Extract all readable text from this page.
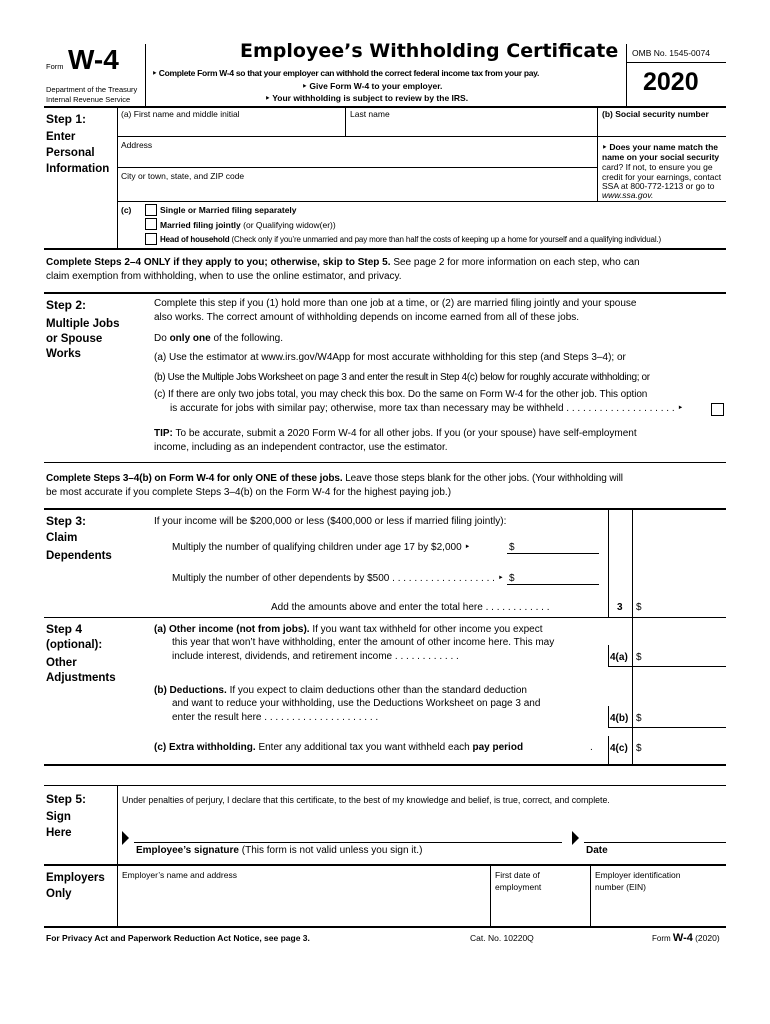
Form W-4
Department of the Treasury
Internal Revenue Service
Employee’s Withholding Certificate
‣ Complete Form W-4 so that your employer can withhold the correct federal income tax from your pay.
‣ Give Form W-4 to your employer.
‣ Your withholding is subject to review by the IRS.
OMB No. 1545-0074
2020
Step 1:
Enter
Personal
Information
(a) First name and middle initial	Last name	(b) Social security number
Address	‣ Does your name match the
name on your social security
card? If not, to ensure you ge
credit for your earnings, contact
SSA at 800-772-1213 or go to
www.ssa.gov.
City or town, state, and ZIP code
(c)	Single or Married filing separately
Married filing jointly (or Qualifying widow(er))
Head of household (Check only if you’re unmarried and pay more than half the costs of keeping up a home for yourself and a qualifying individual.)
Complete Steps 2–4 ONLY if they apply to you; otherwise, skip to Step 5. See page 2 for more information on each step, who can
claim exemption from withholding, when to use the online estimator, and privacy.
Step 2:
Multiple Jobs
or Spouse
Works
Complete this step if you (1) hold more than one job at a time, or (2) are married filing jointly and your spouse
also works. The correct amount of withholding depends on income earned from all of these jobs.
Do only one of the following.
(a) Use the estimator at www.irs.gov/W4App for most accurate withholding for this step (and Steps 3–4); or
(b) Use the Multiple Jobs Worksheet on page 3 and enter the result in Step 4(c) below for roughly accurate withholding; or
(c) If there are only two jobs total, you may check this box. Do the same on Form W-4 for the other job. This option
is accurate for jobs with similar pay; otherwise, more tax than necessary may be withheld . . . . . . . . . . . . . . . . . . . . ‣
TIP: To be accurate, submit a 2020 Form W-4 for all other jobs. If you (or your spouse) have self-employment
income, including as an independent contractor, use the estimator.
Complete Steps 3–4(b) on Form W-4 for only ONE of these jobs. Leave those steps blank for the other jobs. (Your withholding will
be most accurate if you complete Steps 3–4(b) on the Form W-4 for the highest paying job.)
Step 3:
Claim
Dependents
If your income will be $200,000 or less ($400,000 or less if married filing jointly):
Multiply the number of qualifying children under age 17 by $2,000 ‣	$
Multiply the number of other dependents by $500 . . . . . . . . . . . . . . . . . . . ‣ $
Add the amounts above and enter the total here . . . . . . . . . . . .	3 $
Step 4
(optional):
Other
Adjustments
(a) Other income (not from jobs). If you want tax withheld for other income you expect
this year that won’t have withholding, enter the amount of other income here. This may
include interest, dividends, and retirement income . . . . . . . . . . . .	4(a) $
(b) Deductions. If you expect to claim deductions other than the standard deduction
and want to reduce your withholding, use the Deductions Worksheet on page 3 and
enter the result here . . . . . . . . . . . . . . . . . . . . .	4(b) $
(c) Extra withholding. Enter any additional tax you want withheld each pay period	. 4(c) $
Step 5:
Sign
Here
Under penalties of perjury, I declare that this certificate, to the best of my knowledge and belief, is true, correct, and complete.
Employee’s signature (This form is not valid unless you sign it.)	Date
Employers
Only
Employer’s name and address	First date of
employment
Employer identification
number (EIN)
For Privacy Act and Paperwork Reduction Act Notice, see page 3.	Cat. No. 10220Q	Form W-4 (2020)
